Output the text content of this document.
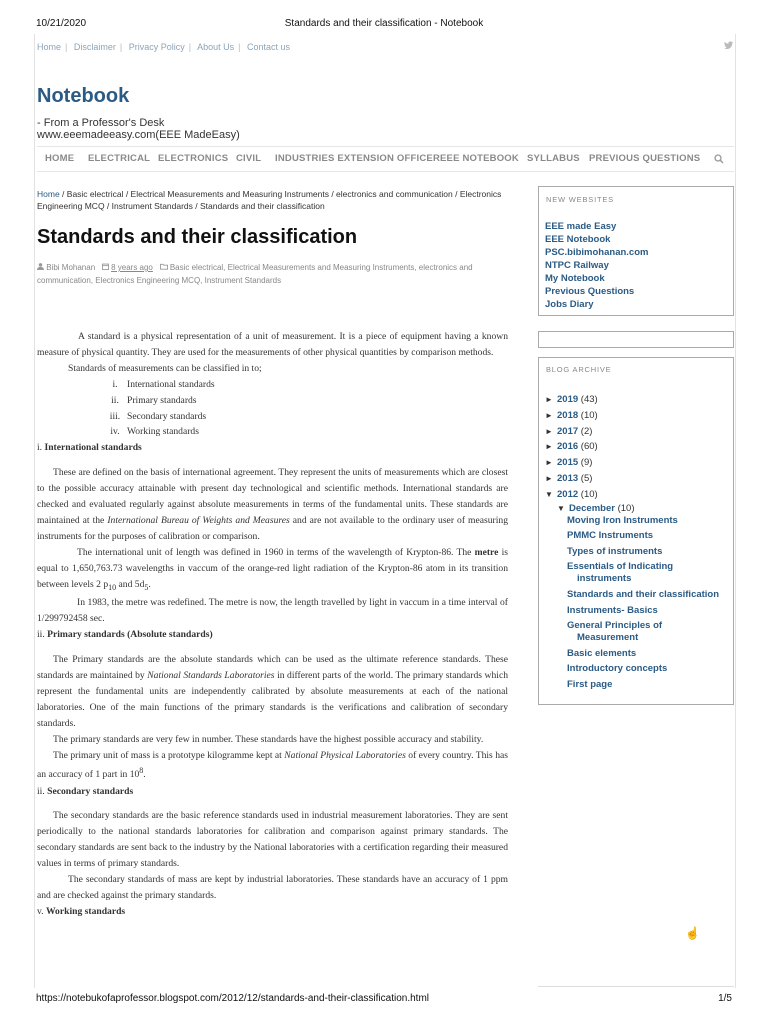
10/21/2020	Standards and their classification - Notebook
Home | Disclaimer | Privacy Policy | About Us | Contact us
Notebook
- From a Professor's Desk
www.eeemadeeasy.com(EEE MadeEasy)
HOME ELECTRICAL ELECTRONICS CIVIL INDUSTRIES EXTENSION OFFICER EEE NOTEBOOK SYLLABUS PREVIOUS QUESTIONS
Home / Basic electrical / Electrical Measurements and Measuring Instruments / electronics and communication / Electronics Engineering MCQ / Instrument Standards / Standards and their classification
Standards and their classification
Bibi Mohanan 8 years ago Basic electrical, Electrical Measurements and Measuring Instruments, electronics and communication, Electronics Engineering MCQ, Instrument Standards

A standard is a physical representation of a unit of measurement. It is a piece of equipment having a known measure of physical quantity. They are used for the measurements of other physical quantities by comparison methods.

Standards of measurements can be classified in to;

i. International standards
ii. Primary standards
iii. Secondary standards
iv. Working standards

i. International standards

These are defined on the basis of international agreement. They represent the units of measurements which are closest to the possible accuracy attainable with present day technological and scientific methods. International standards are checked and evaluated regularly against absolute measurements in terms of the fundamental units. These standards are maintained at the International Bureau of Weights and Measures and are not available to the ordinary user of measuring instruments for the purposes of calibration or comparison.

The international unit of length was defined in 1960 in terms of the wavelength of Krypton-86. The metre is equal to 1,650,763.73 wavelengths in vaccum of the orange-red light radiation of the Krypton-86 atom in its transition between levels 2 $p_{10}$ and $5d_5$.

In 1983, the metre was redefined. The metre is now, the length travelled by light in vaccum in a time interval of 1/299792458 sec.

ii. Primary standards (Absolute standards)

The Primary standards are the absolute standards which can be used as the ultimate reference standards. These standards are maintained by National Standards Laboratories in different parts of the world. The primary standards which represent the fundamental units are independently calibrated by absolute measurements at each of the national laboratories. One of the main functions of the primary standards is the verifications and calibration of secondary standards.

The primary standards are very few in number. These standards have the highest possible accuracy and stability.

The primary unit of mass is a prototype kilogramme kept at National Physical Laboratories of every country. This has an accuracy of 1 part in $10^8$.

ii. Secondary standards

The secondary standards are the basic reference standards used in industrial measurement laboratories. They are sent periodically to the national standards laboratories for calibration and comparison against primary standards. The secondary standards are sent back to the industry by the National laboratories with a certification regarding their measured values in terms of primary standards.

The secondary standards of mass are kept by industrial laboratories. These standards have an accuracy of 1 ppm and are checked against the primary standards.

v. Working standards

NEW WEBSITES
EEE made Easy
EEE Notebook
PSC.bibimohanan.com
NTPC Railway
My Notebook
Previous Questions
Jobs Diary
BLOG ARCHIVE
► 2019 (43)
► 2018 (10)
► 2017 (2)
► 2016 (60)
► 2015 (9)
► 2013 (5)
▼ 2012 (10)
▼ December (10)
Moving Iron Instruments
PMMC Instruments
Types of instruments
Essentials of Indicating
instruments
Standards and their classification
Instruments- Basics
General Principles of
Measurement
Basic elements
Introductory concepts
First page
☝
https://notebukofaprofessor.blogspot.com/2012/12/standards-and-their-classification.html	1/5
